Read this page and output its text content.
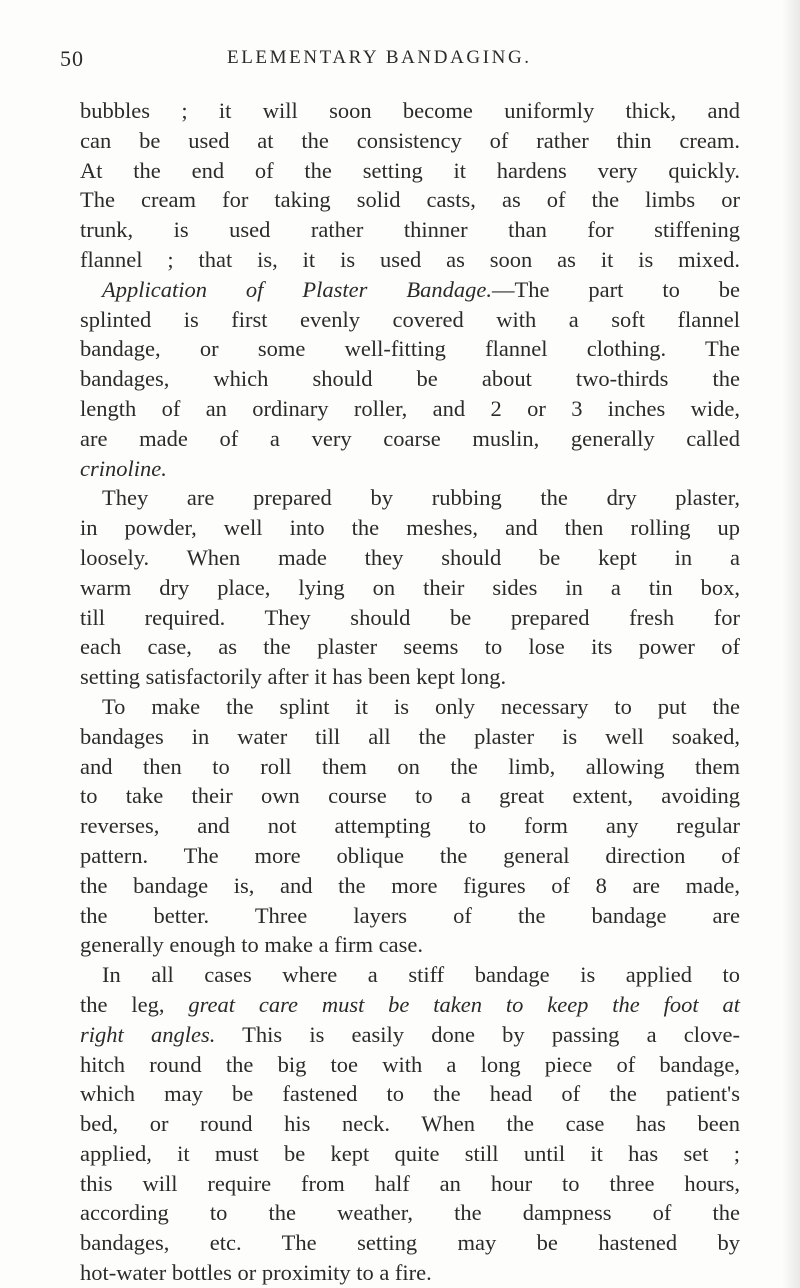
50	ELEMENTARY BANDAGING.
bubbles ; it will soon become uniformly thick, and
can be used at the consistency of rather thin cream.
At the end of the setting it hardens very quickly.
The cream for taking solid casts, as of the limbs or
trunk, is used rather thinner than for stiffening
flannel ; that is, it is used as soon as it is mixed.
Application of Plaster Bandage.—The part to be
splinted is first evenly covered with a soft flannel
bandage, or some well-fitting flannel clothing. The
bandages, which should be about two-thirds the
length of an ordinary roller, and 2 or 3 inches wide,
are made of a very coarse muslin, generally called
crinoline.
They are prepared by rubbing the dry plaster,
in powder, well into the meshes, and then rolling up
loosely. When made they should be kept in a
warm dry place, lying on their sides in a tin box,
till required. They should be prepared fresh for
each case, as the plaster seems to lose its power of
setting satisfactorily after it has been kept long.
To make the splint it is only necessary to put the
bandages in water till all the plaster is well soaked,
and then to roll them on the limb, allowing them
to take their own course to a great extent, avoiding
reverses, and not attempting to form any regular
pattern. The more oblique the general direction of
the bandage is, and the more figures of 8 are made,
the better. Three layers of the bandage are
generally enough to make a firm case.
In all cases where a stiff bandage is applied to
the leg, great care must be taken to keep the foot at
right angles. This is easily done by passing a clove-
hitch round the big toe with a long piece of bandage,
which may be fastened to the head of the patient's
bed, or round his neck. When the case has been
applied, it must be kept quite still until it has set ;
this will require from half an hour to three hours,
according to the weather, the dampness of the
bandages, etc. The setting may be hastened by
hot-water bottles or proximity to a fire.
